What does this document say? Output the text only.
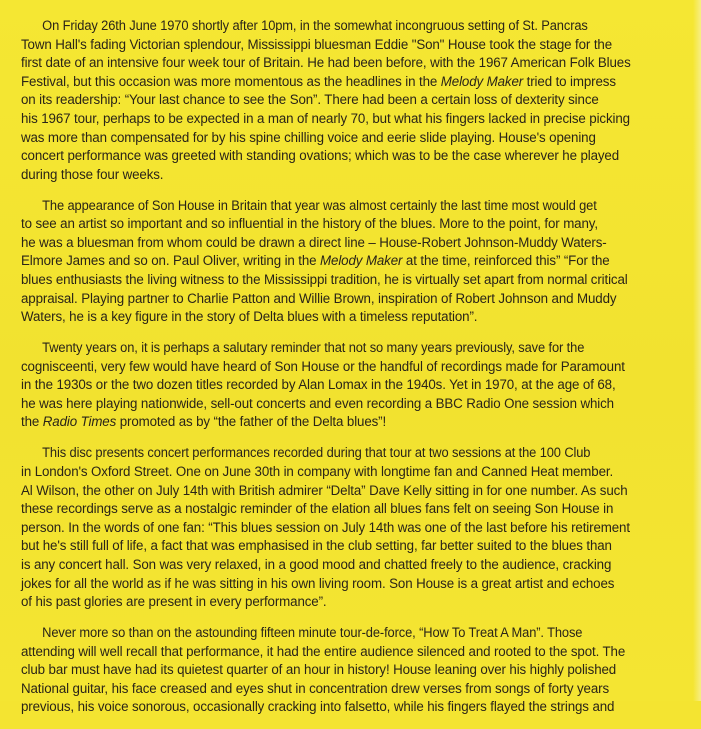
On Friday 26th June 1970 shortly after 10pm, in the somewhat incongruous setting of St. Pancras
Town Hall's fading Victorian splendour, Mississippi bluesman Eddie "Son" House took the stage for the
first date of an intensive four week tour of Britain. He had been before, with the 1967 American Folk Blues
Festival, but this occasion was more momentous as the headlines in the Melody Maker tried to impress
on its readership: “Your last chance to see the Son”. There had been a certain loss of dexterity since
his 1967 tour, perhaps to be expected in a man of nearly 70, but what his fingers lacked in precise picking
was more than compensated for by his spine chilling voice and eerie slide playing. House's opening
concert performance was greeted with standing ovations; which was to be the case wherever he played
during those four weeks.
The appearance of Son House in Britain that year was almost certainly the last time most would get
to see an artist so important and so influential in the history of the blues. More to the point, for many,
he was a bluesman from whom could be drawn a direct line – House-Robert Johnson-Muddy Waters-
Elmore James and so on. Paul Oliver, writing in the Melody Maker at the time, reinforced this” “For the
blues enthusiasts the living witness to the Mississippi tradition, he is virtually set apart from normal critical
appraisal. Playing partner to Charlie Patton and Willie Brown, inspiration of Robert Johnson and Muddy
Waters, he is a key figure in the story of Delta blues with a timeless reputation”.
Twenty years on, it is perhaps a salutary reminder that not so many years previously, save for the
cognisceenti, very few would have heard of Son House or the handful of recordings made for Paramount
in the 1930s or the two dozen titles recorded by Alan Lomax in the 1940s. Yet in 1970, at the age of 68,
he was here playing nationwide, sell-out concerts and even recording a BBC Radio One session which
the Radio Times promoted as by “the father of the Delta blues”!
This disc presents concert performances recorded during that tour at two sessions at the 100 Club
in London's Oxford Street. One on June 30th in company with longtime fan and Canned Heat member.
Al Wilson, the other on July 14th with British admirer “Delta” Dave Kelly sitting in for one number. As such
these recordings serve as a nostalgic reminder of the elation all blues fans felt on seeing Son House in
person. In the words of one fan: “This blues session on July 14th was one of the last before his retirement
but he's still full of life, a fact that was emphasised in the club setting, far better suited to the blues than
is any concert hall. Son was very relaxed, in a good mood and chatted freely to the audience, cracking
jokes for all the world as if he was sitting in his own living room. Son House is a great artist and echoes
of his past glories are present in every performance”.
Never more so than on the astounding fifteen minute tour-de-force, “How To Treat A Man”. Those
attending will well recall that performance, it had the entire audience silenced and rooted to the spot. The
club bar must have had its quietest quarter of an hour in history! House leaning over his highly polished
National guitar, his face creased and eyes shut in concentration drew verses from songs of forty years
previous, his voice sonorous, occasionally cracking into falsetto, while his fingers flayed the strings and
